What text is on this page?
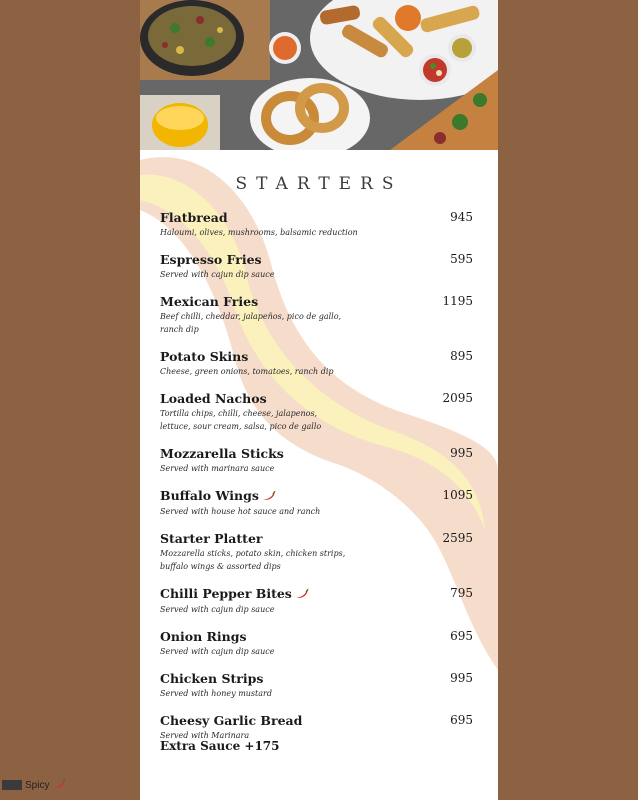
STARTERS
Flatbread
Haloumi, olives, mushrooms, balsamic reduction
945
Espresso Fries
Served with cajun dip sauce
595
Mexican Fries
Beef chilli, cheddar, jalapeños, pico de gallo, ranch dip
1195
Potato Skins
Cheese, green onions, tomatoes, ranch dip
895
Loaded Nachos
Tortilla chips, chilli, cheese, jalapenos,
lettuce, sour cream, salsa, pico de gallo
2095
Mozzarella Sticks
Served with marinara sauce
995
Buffalo Wings
Served with house hot sauce and ranch
1095
Starter Platter
Mozzarella sticks, potato skin, chicken strips,
buffalo wings & assorted dips
2595
Chilli Pepper Bites
Served with cajun dip sauce
795
Onion Rings
Served with cajun dip sauce
695
Chicken Strips
Served with honey mustard
995
Cheesy Garlic Bread
Served with Marinara
695
Extra Sauce +175
Spicy
